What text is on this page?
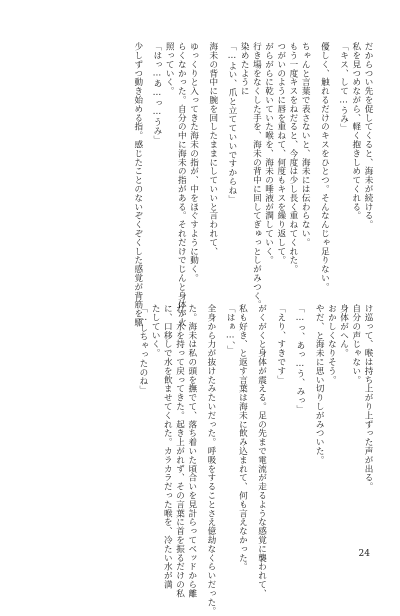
だからつい先を促してくると、海未が続ける。
私を見つめながら、軽く抱きしめてくれる。
「キス、して…うみ」
優しく、触れるだけのキスをひとつ。そんなんじゃ足りない。
ちゃんと言葉で表さないと、海未には伝わらない。
もう一度キスをねだると、今度は少し長く重ねてくれた。
つがいのように唇を重ねて、何度もキスを繰り返して。
がらがらに乾いていた喉を、海未の唾液が潤していく。
行き場をなくした手を、海未の背中に回してぎゅっとしがみつく。
染めたように
「…よい、爪と立てていいですからね」
海未の背中に腕を回したままにしていいと言われて、
ゆっくりと入ってきた海未の指が、中をほぐすように動く。
らくなかった。自分の中に海未の指がある。それだけでじんと身体が火
照っていく。
「はっ…あ…っ…うみ」
少しずつ動き始める指。感じたことのないぞくぞくした感覚が背筋を駆
け巡って、喉は持ち上がり上ずった声が出る。
自分の声じゃない。
身体がへん。
おかしくなりそう。
やだ、と海未に思い切りしがみついた。
「…っ、あっ…う、みっ」
「えり、すきです」
がくがくと身体が震える。足の先まで電流が走るような感覚に襲われて、
私も好き、と返す言葉は海未に飲み込まれて、何も言えなかった。
「はぁ…、」
全身から力が抜けたみたいだった。呼吸をすることさえ億劫なくらいだった。
た。海未は私の頭を撫でて、落ち着いた頃合いを見計らってベッドから離
れ、水を持って戻ってきた。起き上がれず、その言葉に首を振るだけの私
に、口移しで水を飲ませてくれた。カラカラだった喉を、冷たい水が満
たしていく。
「…しちゃったのね」
24
